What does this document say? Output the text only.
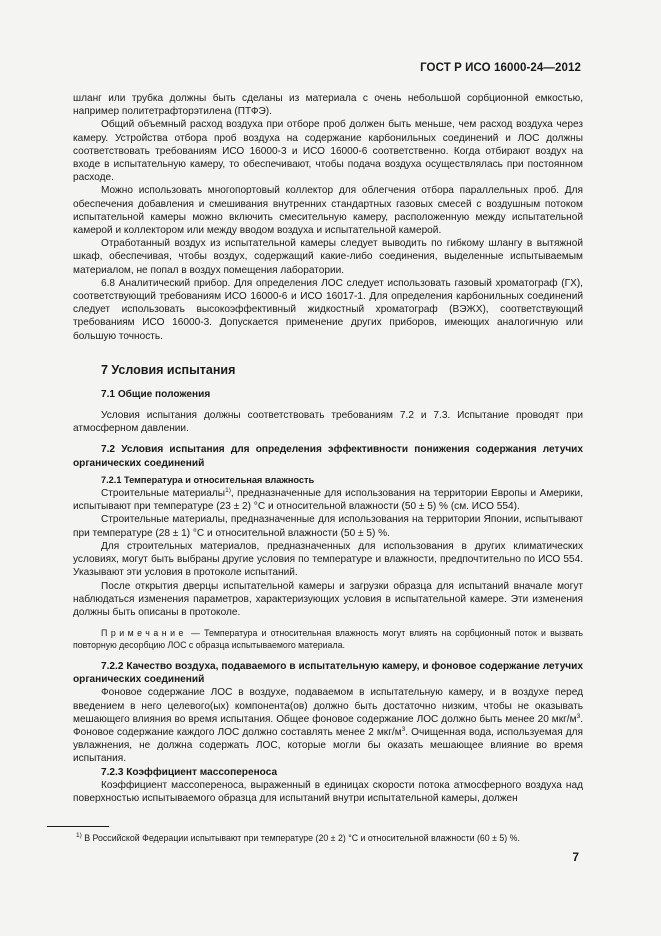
ГОСТ Р ИСО 16000-24—2012

шланг или трубка должны быть сделаны из материала с очень небольшой сорбционной емкостью, например политетрафторэтилена (ПТФЭ).

Общий объемный расход воздуха при отборе проб должен быть меньше, чем расход воздуха через камеру. Устройства отбора проб воздуха на содержание карбонильных соединений и ЛОС должны соответствовать требованиям ИСО 16000-3 и ИСО 16000-6 соответственно. Когда отбирают воздух на входе в испытательную камеру, то обеспечивают, чтобы подача воздуха осуществлялась при постоянном расходе.

Можно использовать многопортовый коллектор для облегчения отбора параллельных проб. Для обеспечения добавления и смешивания внутренних стандартных газовых смесей с воздушным потоком испытательной камеры можно включить смесительную камеру, расположенную между испытательной камерой и коллектором или между вводом воздуха и испытательной камерой.

Отработанный воздух из испытательной камеры следует выводить по гибкому шлангу в вытяжной шкаф, обеспечивая, чтобы воздух, содержащий какие-либо соединения, выделенные испытываемым материалом, не попал в воздух помещения лаборатории.

6.8 Аналитический прибор. Для определения ЛОС следует использовать газовый хроматограф (ГХ), соответствующий требованиям ИСО 16000-6 и ИСО 16017-1. Для определения карбонильных соединений следует использовать высокоэффективный жидкостный хроматограф (ВЭЖХ), соответствующий требованиям ИСО 16000-3. Допускается применение других приборов, имеющих аналогичную или большую точность.

7 Условия испытания

7.1 Общие положения

Условия испытания должны соответствовать требованиям 7.2 и 7.3. Испытание проводят при атмосферном давлении.

7.2 Условия испытания для определения эффективности понижения содержания летучих органических соединений

7.2.1 Температура и относительная влажность

Строительные материалы$^{1)}$, предназначенные для использования на территории Европы и Америки, испытывают при температуре (23 ± 2) °С и относительной влажности (50 ± 5) % (см. ИСО 554).

Строительные материалы, предназначенные для использования на территории Японии, испытывают при температуре (28 ± 1) °С и относительной влажности (50 ± 5) %.

Для строительных материалов, предназначенных для использования в других климатических условиях, могут быть выбраны другие условия по температуре и влажности, предпочтительно по ИСО 554. Указывают эти условия в протоколе испытаний.

После открытия дверцы испытательной камеры и загрузки образца для испытаний вначале могут наблюдаться изменения параметров, характеризующих условия в испытательной камере. Эти изменения должны быть описаны в протоколе.

Примечание — Температура и относительная влажность могут влиять на сорбционный поток и вызвать повторную десорбцию ЛОС с образца испытываемого материала.

7.2.2 Качество воздуха, подаваемого в испытательную камеру, и фоновое содержание летучих органических соединений

Фоновое содержание ЛОС в воздухе, подаваемом в испытательную камеру, и в воздухе перед введением в него целевого(ых) компонента(ов) должно быть достаточно низким, чтобы не оказывать мешающего влияния во время испытания. Общее фоновое содержание ЛОС должно быть менее 20 мкг/$м^3$. Фоновое содержание каждого ЛОС должно составлять менее 2 мкг/$м^3$. Очищенная вода, используемая для увлажнения, не должна содержать ЛОС, которые могли бы оказать мешающее влияние во время испытания.

7.2.3 Коэффициент массопереноса

Коэффициент массопереноса, выраженный в единицах скорости потока атмосферного воздуха над поверхностью испытываемого образца для испытаний внутри испытательной камеры, должен

$^{1)}$ В Российской Федерации испытывают при температуре (20 ± 2) °С и относительной влажности (60 ± 5) %.
7
